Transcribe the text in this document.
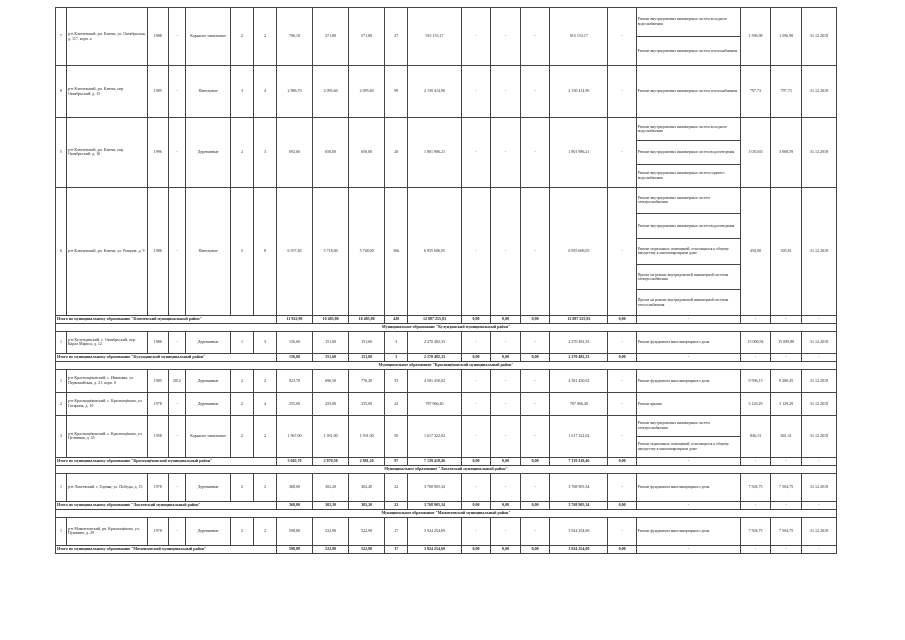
7	р-н Ключевский, рп. Ключи, ул. Октябрьская, д. 117, корп. а	1988	-	Каркасно-панельные	2	2	706,10	571,80	571,80	27	915 153,17	-	-	-	915 153,17	-	Ремонт внутридомовых инженерных систем холодного водоснабжения	1 596,98	1 596,98	31.12.2018
																	Ремонт внутридомовых инженерных систем теплоснабжения			
8	р-н Ключевский, рп. Ключи, пер. Октябрьский, д. 15	1985	-	Панельные	3	4	2 986,70	2 095,60	2 095,60	99	2 150 414,90	-	-	-	2 150 414,90	-	Ремонт внутридомовых инженерных систем теплоснабжения	797,73	797,73	31.12.2018
5	р-н Ключевский, рп. Ключи, пер. Октябрьский, д. 16	1996	-	Деревянные	2	3	692,06	650,00	650,00	20	1 801 986,21	-	-	-	1 801 986,21	-	Ремонт внутридомовых инженерных систем холодного водоснабжения	3 010,65	3 068,59	31.12.2018
																	Ремонт внутридомовых инженерных систем водоотведения			
																	Ремонт внутридомовых инженерных систем горячего водоснабжения			
6	р-н Ключевский, рп. Ключи, ул. Рощина, д. 9	1986	-	Панельные	5	8	6 557,48	5 718,00	5 748,00	366	6 955 606,05	-	-	-	6 955 606,05	-	Ремонт внутридомовых инженерных систем электроснабжения	450,00	305,61	31.12.2018
																	Ремонт внутридомовых инженерных систем водоотведения			
																	Ремонт подвальных помещений, относящихся к общему имуществу в многоквартирном доме			
																	Проект на ремонт внутридомовой инженерной системы электроснабжения			
																	Проект на ремонт внутридомовой инженерной системы теплоснабжения			
Итого по муниципальному образованию "Ключевский муниципальный район"							11 922,90	10 485,80	10 485,80	420	12 087 255,83	0,00	0,00	0,00	12 087 255,83	0,00	-	-	-	-
Муниципальное образование "Кулундинский муниципальный район"																				
1	р-н Кулундинский, с. Октябрьский, пер. Карла Маркса, д. 12	1986	-	Деревянные	1	3	156,60	151,60	151,60	3	2 270 482,33	-	-	-	2 270 482,33	-	Ремонт фундамента многоквартирного дома	15 006,94	15 009,88	31.12.2018
Итого по муниципальному образованию "Кулундинский муниципальный район"							156,60	151,60	151,60	3	2 270 482,33	0,00	0,00	0,00	2 270 482,33	0,00	-	-	-	-
Муниципальное образование "Краснощёковский муниципальный район"																				
1	р-н Краснощёковский, с. Ивановка, ул. Первомайская, д. 21, корп. б	1985	2012	Деревянные	2	2	823,70	696,50	776,20	33	4 581 450,02	-	-	-	4 581 450,02	-	Ремонт фундамента многоквартирного дома	9 596,13	9 280,45	31.12.2018
2	р-н Краснощёковский, с. Краснощёково, ул. Гагарина, д. 10	1978	-	Деревянные	2	4	255,00	255,00	255,00	24	787 966,40	-	-	-	787 966,40	-	Ремонт крыши	3 129,29	3 129,29	31.12.2018
3	р-н Краснощёковский, с. Краснощёково, ул. Целинная, д. 45	1958	-	Каркасно-панельные	2	2	1 967,00	1 931,00	1 931,00	50	1 617 322,02	-	-	-	1 617 322,02	-	Ремонт внутридомовых инженерных систем электроснабжения	846,13	841,31	31.12.2018
																	Ремонт подвальных помещений, относящихся к общему имуществу в многоквартирном доме			
Итого по муниципальному образованию "Краснощёковский муниципальный район"							3 045,70	2 870,50	2 881,20	97	7 139 418,46	0,00	0,00	0,00	7 139 418,46	0,00	-	-	-	-
Муниципальное образование "Локтевский муниципальный район"																				
1	р-н Локтевский, г. Горняк, ул. Победы, д. 15	1978	-	Деревянные	2	2	368,00	302,20	302,20	22	3 768 905,34	-	-	-	3 768 905,34	-	Ремонт фундамента многоквартирного дома	7 504,75	7 504,75	31.12.2018
Итого по муниципальному образованию "Локтевский муниципальный район"							368,00	302,20	302,20	22	3 768 905,34	0,00	0,00	0,00	3 768 905,34	0,00	-	-	-	-
Муниципальное образование "Мамонтовский муниципальный район"																				
1	р-н Мамонтовский, рп. Краснощёково, ул. Пушкина, д. 29	1978	-	Деревянные	2	2	598,80	522,90	522,90	17	3 924 254,69	-	-	-	3 924 254,69	-	Ремонт фундамента многоквартирного дома	7 504,75	7 504,75	31.12.2018
Итого по муниципальному образованию "Мамонтовский муниципальный район"							598,80	522,90	522,90	17	3 924 254,69	0,00	0,00	0,00	3 924 254,69	0,00	-	-	-	-
